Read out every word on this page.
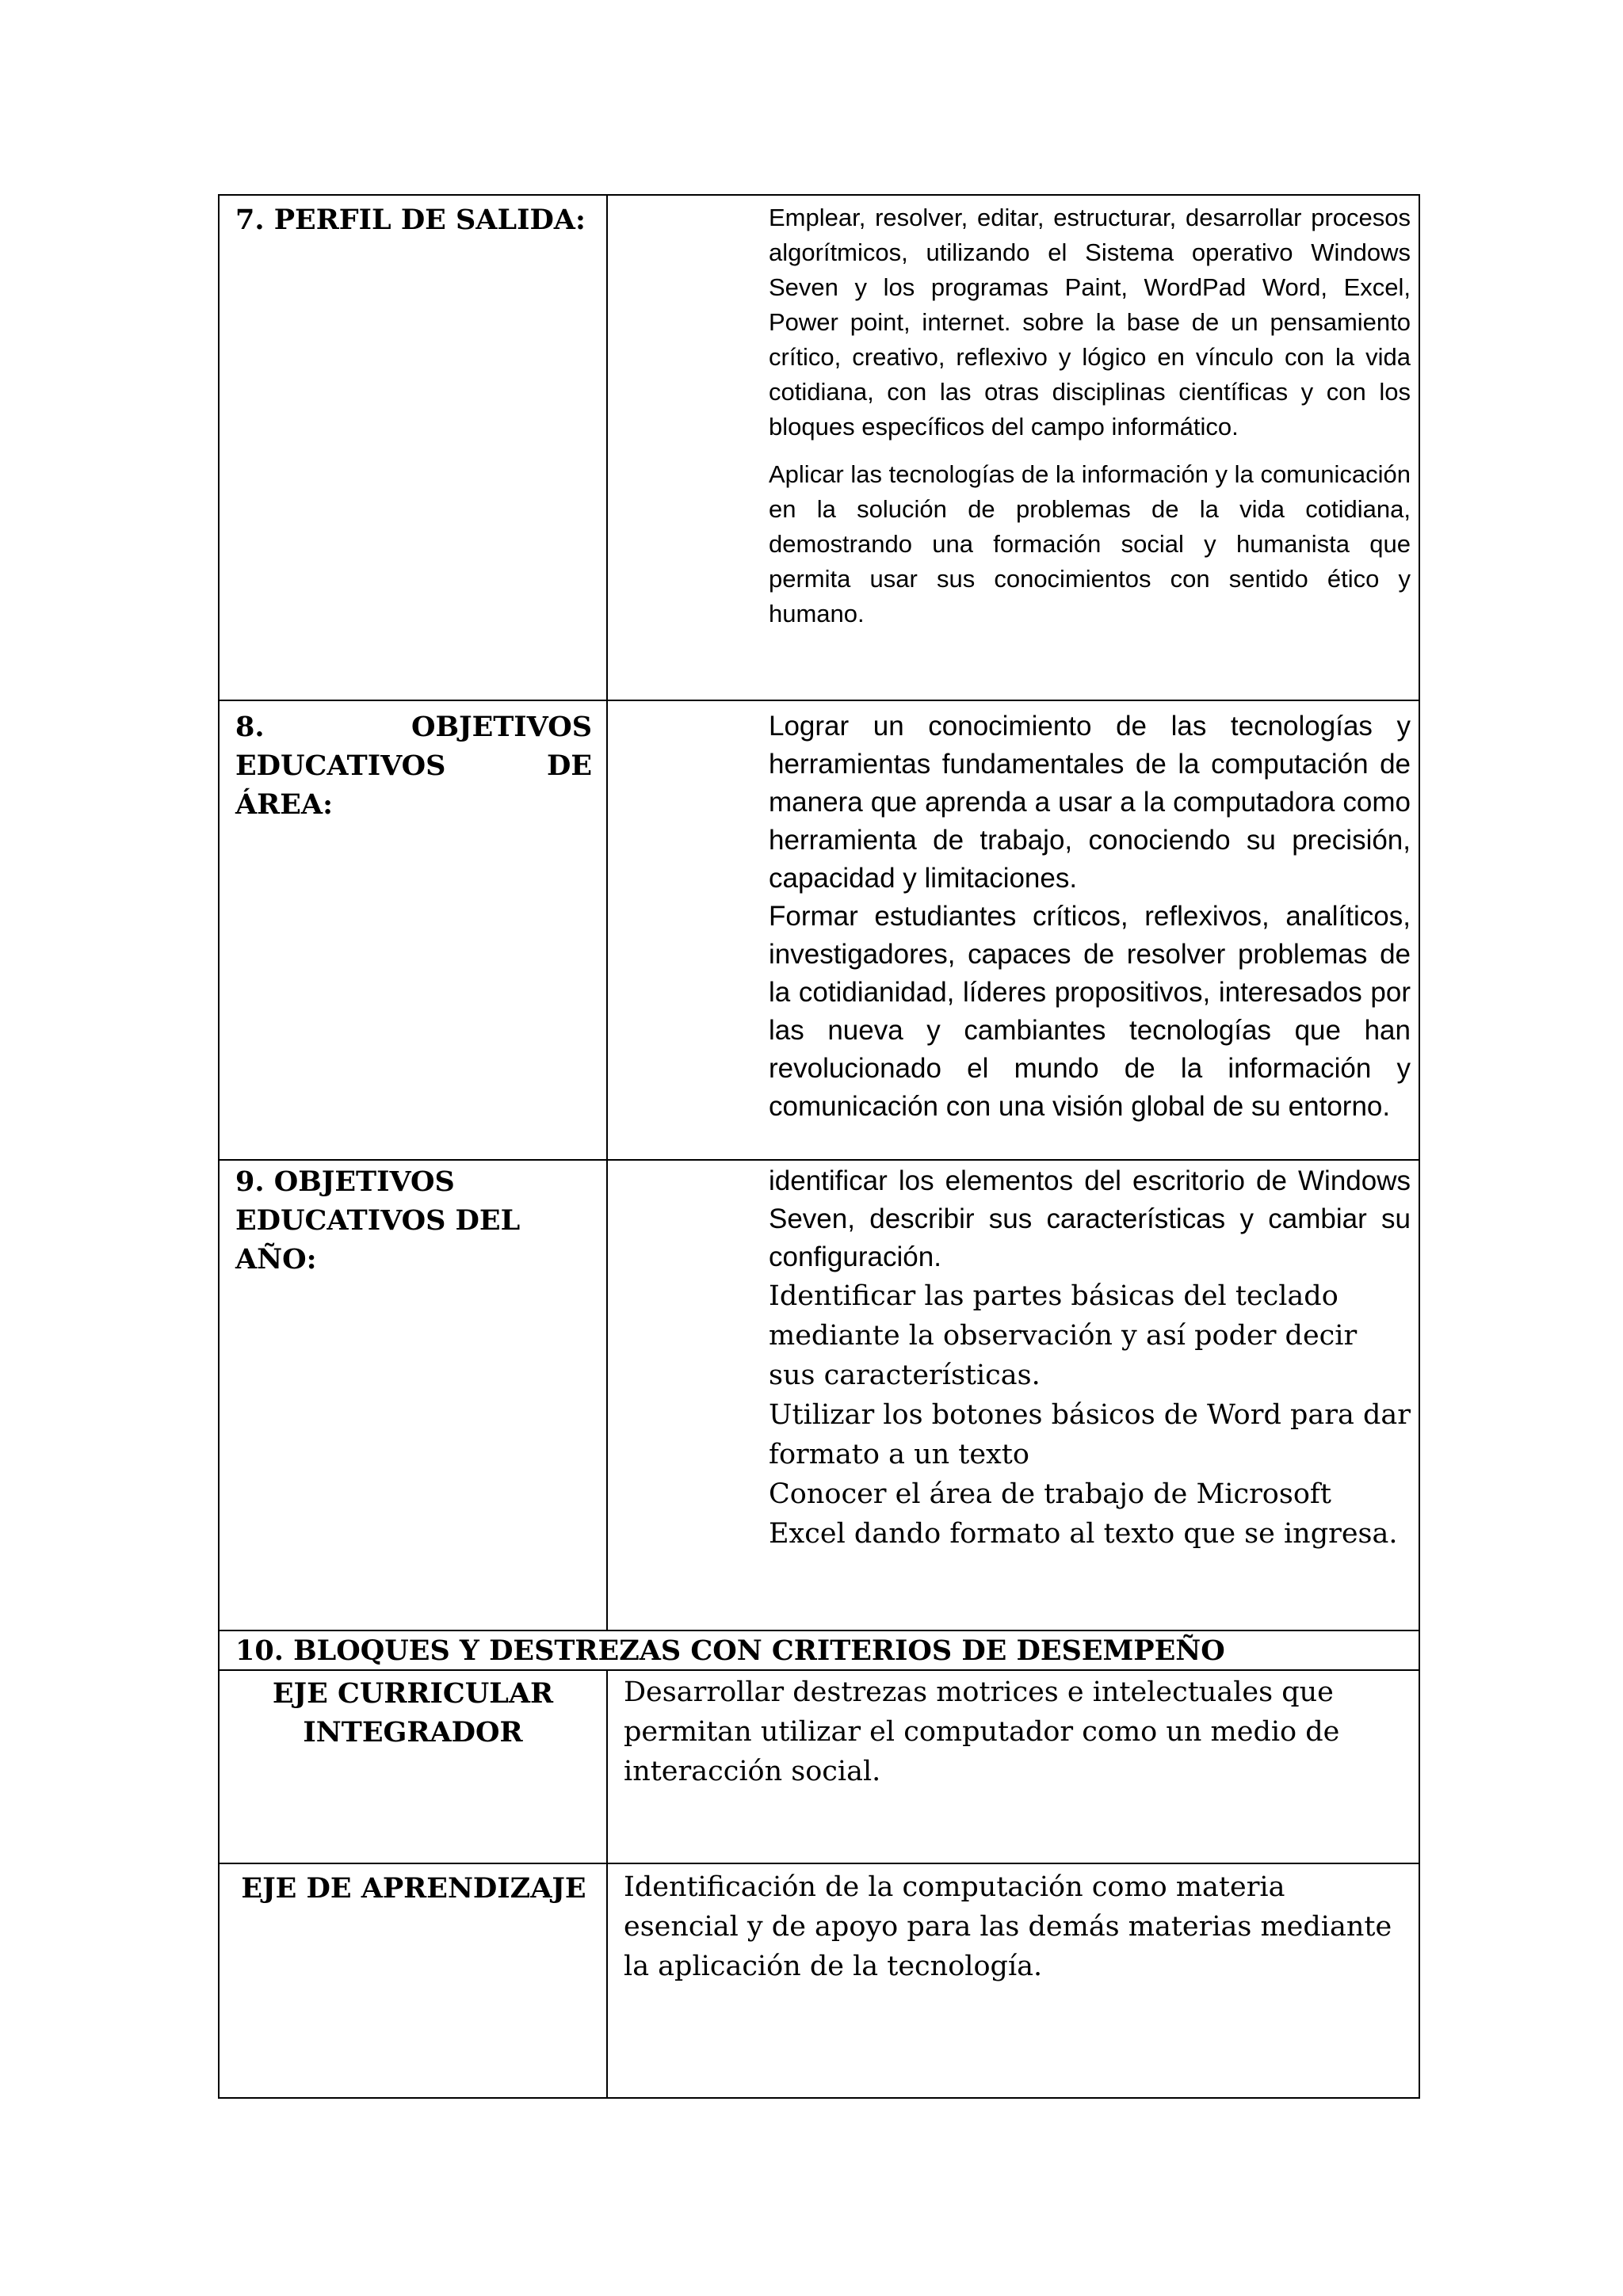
7. PERFIL DE SALIDA:	Emplear, resolver, editar, estructurar, desarrollar procesos algorítmicos, utilizando el Sistema operativo Windows Seven y los programas Paint, WordPad Word, Excel, Power point, internet. sobre la base de un pensamiento crítico, creativo, reflexivo y lógico en vínculo con la vida cotidiana, con las otras disciplinas científicas y con los bloques específicos del campo informático.

Aplicar las tecnologías de la información y la comunicación en la solución de problemas de la vida cotidiana, demostrando una formación social y humanista que permita usar sus conocimientos con sentido ético y humano.

8. OBJETIVOS EDUCATIVOS DE ÁREA:	Lograr un conocimiento de las tecnologías y herramientas fundamentales de la computación de manera que aprenda a usar a la computadora como herramienta de trabajo, conociendo su precisión, capacidad y limitaciones.

Formar estudiantes críticos, reflexivos, analíticos, investigadores, capaces de resolver problemas de la cotidianidad, líderes propositivos, interesados por las nueva y cambiantes tecnologías que han revolucionado el mundo de la información y comunicación con una visión global de su entorno.

9. OBJETIVOS EDUCATIVOS DEL AÑO:	identificar los elementos del escritorio de Windows Seven, describir sus características y cambiar su configuración.

Identificar las partes básicas del teclado mediante la observación y así poder decir sus características.

Utilizar los botones básicos de Word para dar formato a un texto

Conocer el área de trabajo de Microsoft Excel dando formato al texto que se ingresa.

10. BLOQUES Y DESTREZAS CON CRITERIOS DE DESEMPEÑO	

EJE CURRICULAR INTEGRADOR	Desarrollar destrezas motrices e intelectuales que permitan utilizar el computador como un medio de interacción social.

EJE DE APRENDIZAJE	Identificación de la computación como materia esencial y de apoyo para las demás materias mediante la aplicación de la tecnología.
